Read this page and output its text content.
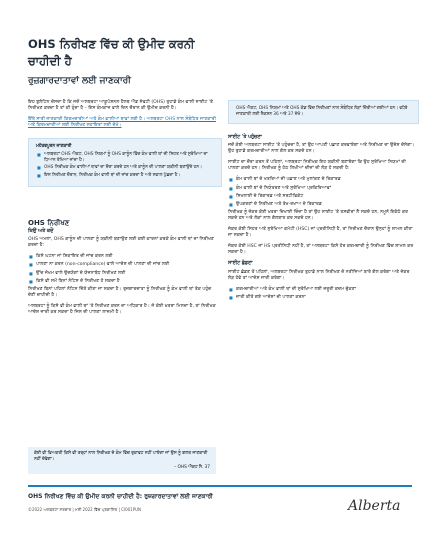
OHS ਨਿਰੀਖਣ ਵਿੱਚ ਕੀ ਉਮੀਦ ਕਰਨੀ ਚਾਹੀਦੀ ਹੈ
ਰੁਜ਼ਗਾਰਦਾਤਾਵਾਂ ਲਈ ਜਾਣਕਾਰੀ
OHS ਐਕਟ, OHS ਨਿਯਮਾਂ ਅਤੇ OHS ਕੋਡ ਵਿੱਚ ਨਿਰੀਖਣਾਂ ਨਾਲ ਸੰਬੰਧਿਤ ਲੋੜਾਂ ਦਿੱਤੀਆਂ ਗਈਆਂ ਹਨ। ਵਧੇਰੇ ਜਾਣਕਾਰੀ ਲਈ ਸੈਕਸ਼ਨ 36 ਅਤੇ 37 ਦੇਖੋ।

ਇਹ ਬੁਲੇਟਿਨ ਦੱਸਦਾ ਹੈ ਕਿ ਜਦੋਂ ਅਲਬਰਟਾ ਆਕੂਪੇਸ਼ਨਲ ਹੈਲਥ ਐਂਡ ਸੇਫਟੀ (OHS) ਤੁਹਾਡੇ ਕੰਮ ਵਾਲੀ ਸਾਈਟ 'ਤੇ ਨਿਰੀਖਣ ਕਰਦਾ ਹੈ ਤਾਂ ਕੀ ਹੁੰਦਾ ਹੈ – ਇਸ ਕੰਮਕਾਜ ਵਾਲੇ ਦਿਨ ਦੌਰਾਨ ਕੀ ਉਮੀਦ ਕਰਨੀ ਹੈ।

ਇੱਥੇ ਸਾਰੀ ਜਾਣਕਾਰੀ ਕਿਰਮਚਾਰੀਆਂ ਅਤੇ ਕੰਮ ਵਾਲੀਆਂ ਥਾਵਾਂ ਲਈ ਹੈ। ਅਲਬਰਟਾ OHS ਨਾਲ ਸੰਬੰਧਿਤ ਜਾਣਕਾਰੀ ਅਤੇ ਕਿਰਮਚਾਰੀਆਂ ਲਈ ਨਿਰੀਖਣ ਸਹਾਇਤਾ ਲਈ ਦੇਖੋ।

ਮਹੱਤਵਪੂਰਨ ਜਾਣਕਾਰੀ
■ ਅਲਬਰਟਾ OHS ਐਕਟ, OHS ਨਿਯਮਾਂ ਨੂੰ OHS ਕਾਨੂੰਨ ਵਿੱਚ ਕੰਮ ਵਾਲੀ ਥਾਂ ਦੀ ਸਿਹਤ ਅਤੇ ਸੁਰੱਖਿਆ ਦਾ ਧਿਆਨ ਰੱਖਿਆ ਜਾਂਦਾ ਹੈ।
■ OHS ਨਿਰੀਖਕ ਕੰਮ ਵਾਲੀਆਂ ਥਾਵਾਂ ਦਾ ਦੌਰਾ ਕਰਦੇ ਹਨ ਅਤੇ ਕਾਨੂੰਨ ਦੀ ਪਾਲਣਾ ਯਕੀਨੀ ਬਣਾਉਂਦੇ ਹਨ।
■ ਇਸ ਨਿਰੀਖਣ ਦੌਰਾਨ, ਨਿਰੀਖਕ ਕੰਮ ਵਾਲੀ ਥਾਂ ਦੀ ਜਾਂਚ ਕਰਦਾ ਹੈ ਅਤੇ ਸਵਾਲ ਪੁੱਛਦਾ ਹੈ।
OHS ਨਿਰੀਖਣ
ਕਿਉਂ ਅਤੇ ਕਦੋਂ

OHS ਅਮਲਾ, OHS ਕਾਨੂੰਨ ਦੀ ਪਾਲਣਾ ਨੂੰ ਯਕੀਨੀ ਬਣਾਉਣ ਲਈ ਕਈ ਕਾਰਨਾਂ ਕਰਕੇ ਕੰਮ ਵਾਲੀ ਥਾਂ ਦਾ ਨਿਰੀਖਣ ਕਰਦਾ ਹੈ:

■ ਕਿਸੇ ਘਟਨਾ ਜਾਂ ਸ਼ਿਕਾਇਤ ਦੀ ਜਾਂਚ ਕਰਨ ਲਈ
■ ਪਾਲਣਾ ਨਾ ਕਰਨ (non-compliance) ਵਾਲੇ ਆਦੇਸ਼ ਦੀ ਪਾਲਣਾ ਦੀ ਜਾਂਚ ਲਈ
■ ਉੱਚ ਜੋਖਮ ਵਾਲੇ ਉਦਯੋਗਾਂ ਦੇ ਯੋਜਨਾਬੱਧ ਨਿਰੀਖਣ ਲਈ
■ ਕਿਸੇ ਵੀ ਸਮੇਂ ਬਿਨਾਂ ਨੋਟਿਸ ਦੇ ਨਿਰੀਖਣ ਹੋ ਸਕਦਾ ਹੈ

ਨਿਰੀਖਣ ਬਿਨਾਂ ਪਹਿਲਾਂ ਨੋਟਿਸ ਦਿੱਤੇ ਕੀਤਾ ਜਾ ਸਕਦਾ ਹੈ। ਰੁਜ਼ਗਾਰਦਾਤਾ ਨੂੰ ਨਿਰੀਖਕ ਨੂੰ ਕੰਮ ਵਾਲੀ ਥਾਂ ਤੱਕ ਪਹੁੰਚ ਦੇਣੀ ਚਾਹੀਦੀ ਹੈ।

ਅਲਬਰਟਾ ਨੂੰ ਕਿਸੇ ਵੀ ਕੰਮ ਵਾਲੀ ਥਾਂ 'ਤੇ ਨਿਰੀਖਣ ਕਰਨ ਦਾ ਅਧਿਕਾਰ ਹੈ। ਜੇ ਕੋਈ ਖ਼ਤਰਾ ਮਿਲਦਾ ਹੈ, ਤਾਂ ਨਿਰੀਖਕ ਆਦੇਸ਼ ਜਾਰੀ ਕਰ ਸਕਦਾ ਹੈ ਜਿਸ ਦੀ ਪਾਲਣਾ ਲਾਜ਼ਮੀ ਹੈ।

ਕੋਈ ਵੀ ਵਿਅਕਤੀ ਕਿਸੇ ਵੀ ਤਰ੍ਹਾਂ ਨਾਲ ਨਿਰੀਖਕ ਦੇ ਕੰਮ ਵਿੱਚ ਰੁਕਾਵਟ ਨਹੀਂ ਪਾਏਗਾ ਜਾਂ ਉਸ ਨੂੰ ਗ਼ਲਤ ਜਾਣਕਾਰੀ ਨਹੀਂ ਦੇਵੇਗਾ।
– OHS ਐਕਟ ਸੈ. 37
ਸਾਈਟ 'ਤੇ ਪਹੁੰਚਣਾ

ਜਦੋਂ ਕੋਈ ਅਲਬਰਟਾ ਸਾਈਟ 'ਤੇ ਪਹੁੰਚਦਾ ਹੈ, ਤਾਂ ਉਹ ਆਪਣੀ ਪਛਾਣ ਕਰਵਾਏਗਾ ਅਤੇ ਨਿਰੀਖਣ ਦਾ ਉਦੇਸ਼ ਦੱਸੇਗਾ। ਉਹ ਤੁਹਾਡੇ ਕਰਮਚਾਰੀਆਂ ਨਾਲ ਗੱਲ ਕਰ ਸਕਦੇ ਹਨ।

ਸਾਈਟ ਦਾ ਦੌਰਾ ਕਰਨ ਤੋਂ ਪਹਿਲਾਂ, ਅਲਬਰਟਾ ਨਿਰੀਖਕ ਇਹ ਯਕੀਨੀ ਬਣਾਏਗਾ ਕਿ ਉਹ ਸੁਰੱਖਿਆ ਨਿਯਮਾਂ ਦੀ ਪਾਲਣਾ ਕਰਦੇ ਹਨ। ਨਿਰੀਖਕ ਨੂੰ ਹੇਠ ਲਿਖੀਆਂ ਚੀਜ਼ਾਂ ਦੀ ਲੋੜ ਹੋ ਸਕਦੀ ਹੈ:

■ ਕੰਮ ਵਾਲੀ ਥਾਂ ਦੇ ਖਤਰਿਆਂ ਦੀ ਪਛਾਣ ਅਤੇ ਮੁਲਾਂਕਣ ਦੇ ਰਿਕਾਰਡ
■ ਕੰਮ ਵਾਲੀ ਥਾਂ ਦੇ ਨਿਯੰਤਰਣ ਅਤੇ ਸੁਰੱਖਿਆ ਪ੍ਰਕਿਰਿਆਵਾਂ
■ ਸਿਖਲਾਈ ਦੇ ਰਿਕਾਰਡ ਅਤੇ ਸਰਟੀਫਿਕੇਟ
■ ਉਪਕਰਣਾਂ ਦੇ ਨਿਰੀਖਣ ਅਤੇ ਰੱਖ-ਰਖਾਅ ਦੇ ਰਿਕਾਰਡ

ਨਿਰੀਖਕ ਨੂੰ ਜੇਕਰ ਕੋਈ ਖ਼ਤਰਾ ਦਿਖਾਈ ਦਿੰਦਾ ਹੈ ਤਾਂ ਉਹ ਸਾਈਟ 'ਤੇ ਤਸਵੀਰਾਂ ਲੈ ਸਕਦੇ ਹਨ, ਨਮੂਨੇ ਇਕੱਠੇ ਕਰ ਸਕਦੇ ਹਨ ਅਤੇ ਲੋਕਾਂ ਨਾਲ ਗੱਲਬਾਤ ਕਰ ਸਕਦੇ ਹਨ।

ਜੇਕਰ ਕੋਈ ਸਿਹਤ ਅਤੇ ਸੁਰੱਖਿਆ ਕਮੇਟੀ (HSC) ਜਾਂ ਪ੍ਰਤੀਨਿਧੀ ਹੈ, ਤਾਂ ਨਿਰੀਖਣ ਦੌਰਾਨ ਉਨ੍ਹਾਂ ਨੂੰ ਸ਼ਾਮਲ ਕੀਤਾ ਜਾ ਸਕਦਾ ਹੈ।

ਜੇਕਰ ਕੋਈ HSC ਜਾਂ HS ਪ੍ਰਤੀਨਿਧੀ ਨਹੀਂ ਹੈ, ਤਾਂ ਅਲਬਰਟਾ ਕਿਸੇ ਹੋਰ ਕਰਮਚਾਰੀ ਨੂੰ ਨਿਰੀਖਣ ਵਿੱਚ ਸ਼ਾਮਲ ਕਰ ਸਕਦਾ ਹੈ।

ਸਾਈਟ ਛੱਡਣਾ

ਸਾਈਟ ਛੱਡਣ ਤੋਂ ਪਹਿਲਾਂ, ਅਲਬਰਟਾ ਨਿਰੀਖਕ ਤੁਹਾਡੇ ਨਾਲ ਨਿਰੀਖਣ ਦੇ ਨਤੀਜਿਆਂ ਬਾਰੇ ਗੱਲ ਕਰੇਗਾ ਅਤੇ ਜੇਕਰ ਲੋੜ ਹੋਵੇ ਤਾਂ ਆਦੇਸ਼ ਜਾਰੀ ਕਰੇਗਾ।

■ ਕਰਮਚਾਰੀਆਂ ਅਤੇ ਕੰਮ ਵਾਲੀ ਥਾਂ ਦੀ ਸੁਰੱਖਿਆ ਲਈ ਜ਼ਰੂਰੀ ਕਦਮ ਚੁੱਕਣਾ
■ ਜਾਰੀ ਕੀਤੇ ਗਏ ਆਦੇਸ਼ਾਂ ਦੀ ਪਾਲਣਾ ਕਰਨਾ
OHS ਨਿਰੀਖਣ ਵਿੱਚ ਕੀ ਉਮੀਦ ਕਰਨੀ ਚਾਹੀਦੀ ਹੈ: ਰੁਜ਼ਗਾਰਦਾਤਾਵਾਂ ਲਈ ਜਾਣਕਾਰੀ
©2022 ਅਲਬਰਟਾ ਸਰਕਾਰ | ਮਈ 2022 ਵਿੱਚ ਪ੍ਰਕਾਸ਼ਿਤ | CI001PUN	Alberta
